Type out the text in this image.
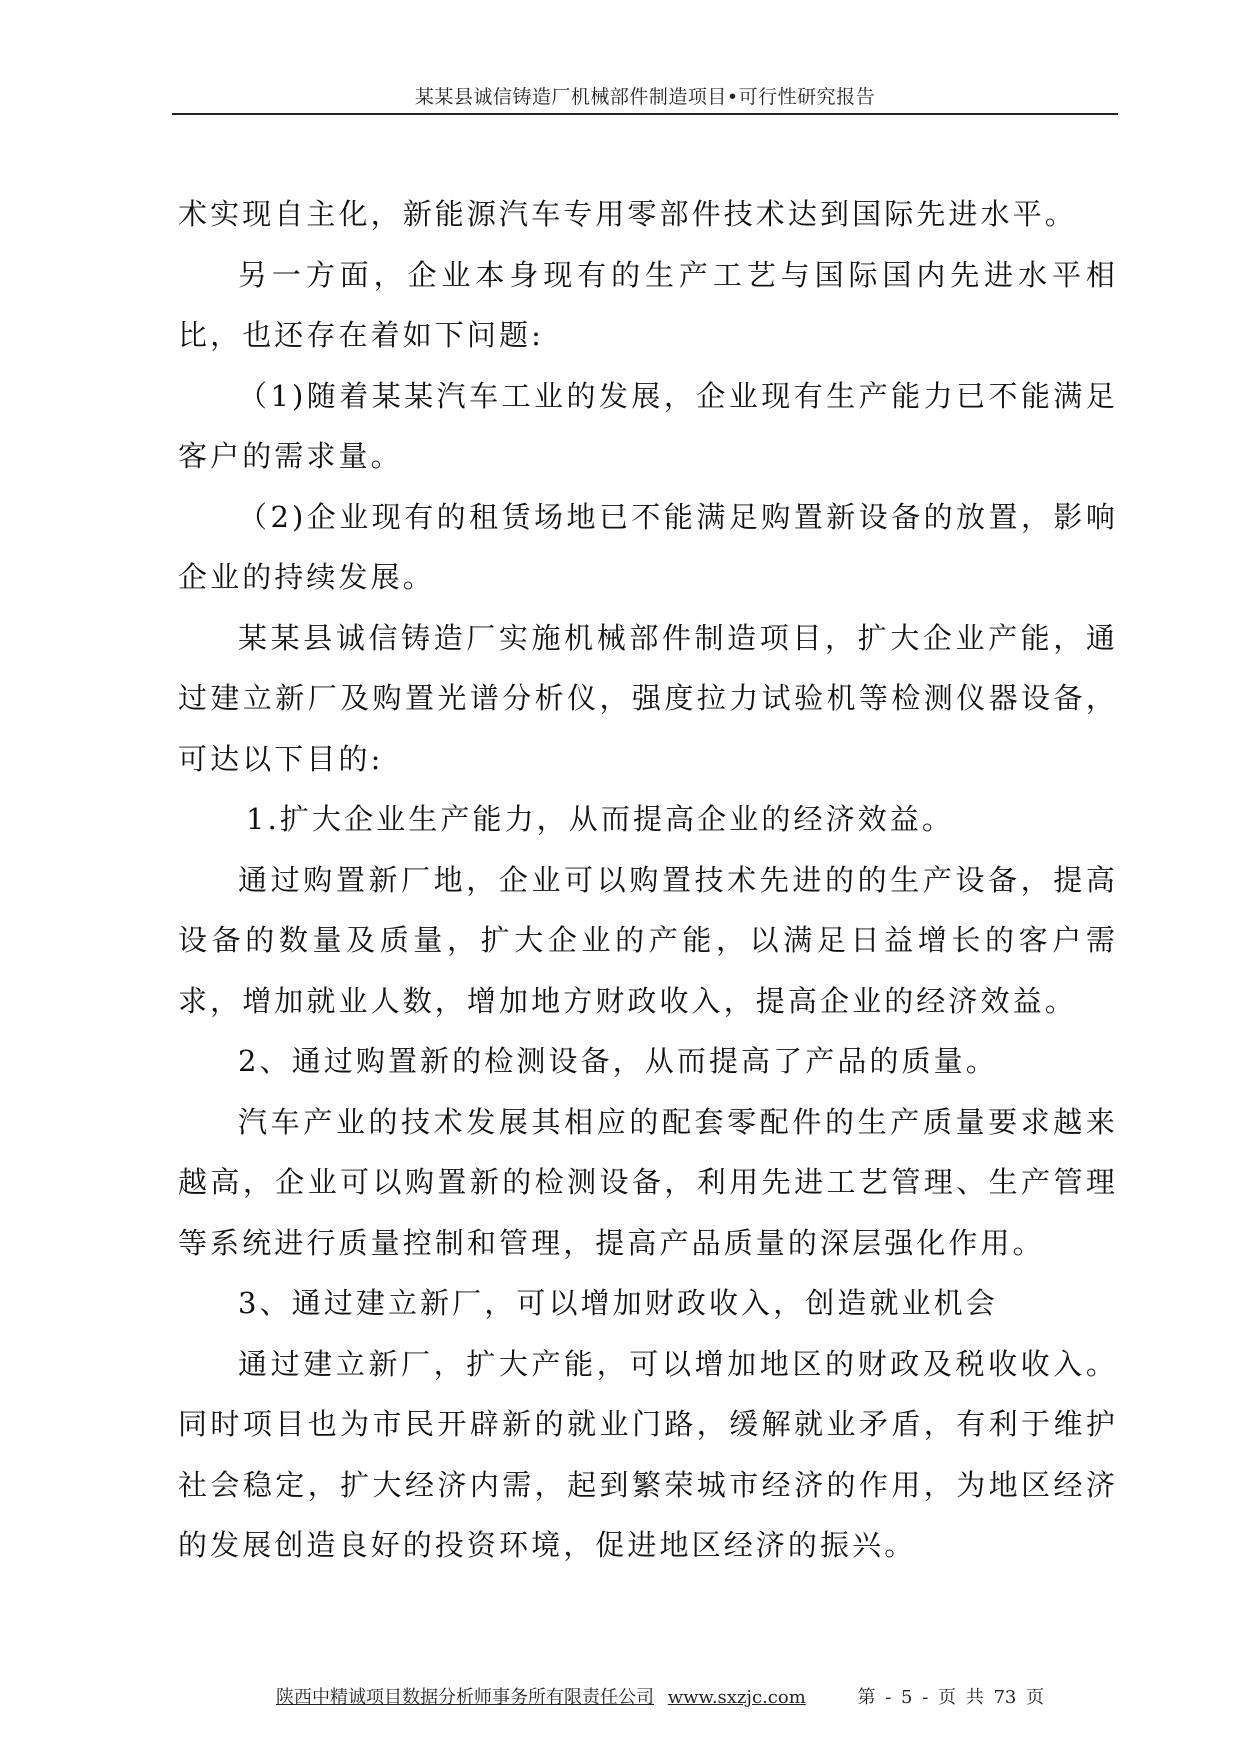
某某县诚信铸造厂机械部件制造项目•可行性研究报告

术实现自主化，新能源汽车专用零部件技术达到国际先进水平。

另一方面，企业本身现有的生产工艺与国际国内先进水平相比，也还存在着如下问题:

（1)随着某某汽车工业的发展，企业现有生产能力已不能满足客户的需求量。

（2)企业现有的租赁场地已不能满足购置新设备的放置，影响企业的持续发展。

某某县诚信铸造厂实施机械部件制造项目，扩大企业产能，通过建立新厂及购置光谱分析仪，强度拉力试验机等检测仪器设备，可达以下目的:

1.扩大企业生产能力，从而提高企业的经济效益。

通过购置新厂地，企业可以购置技术先进的的生产设备，提高设备的数量及质量，扩大企业的产能，以满足日益增长的客户需求，增加就业人数，增加地方财政收入，提高企业的经济效益。

2、通过购置新的检测设备，从而提高了产品的质量。

汽车产业的技术发展其相应的配套零配件的生产质量要求越来越高，企业可以购置新的检测设备，利用先进工艺管理、生产管理等系统进行质量控制和管理，提高产品质量的深层强化作用。

3、通过建立新厂，可以增加财政收入，创造就业机会

通过建立新厂，扩大产能，可以增加地区的财政及税收收入。同时项目也为市民开辟新的就业门路，缓解就业矛盾，有利于维护社会稳定，扩大经济内需，起到繁荣城市经济的作用，为地区经济的发展创造良好的投资环境，促进地区经济的振兴。

陕西中精诚项目数据分析师事务所有限责任公司 www.sxzjc.com	第 - 5 - 页 共 73 页
